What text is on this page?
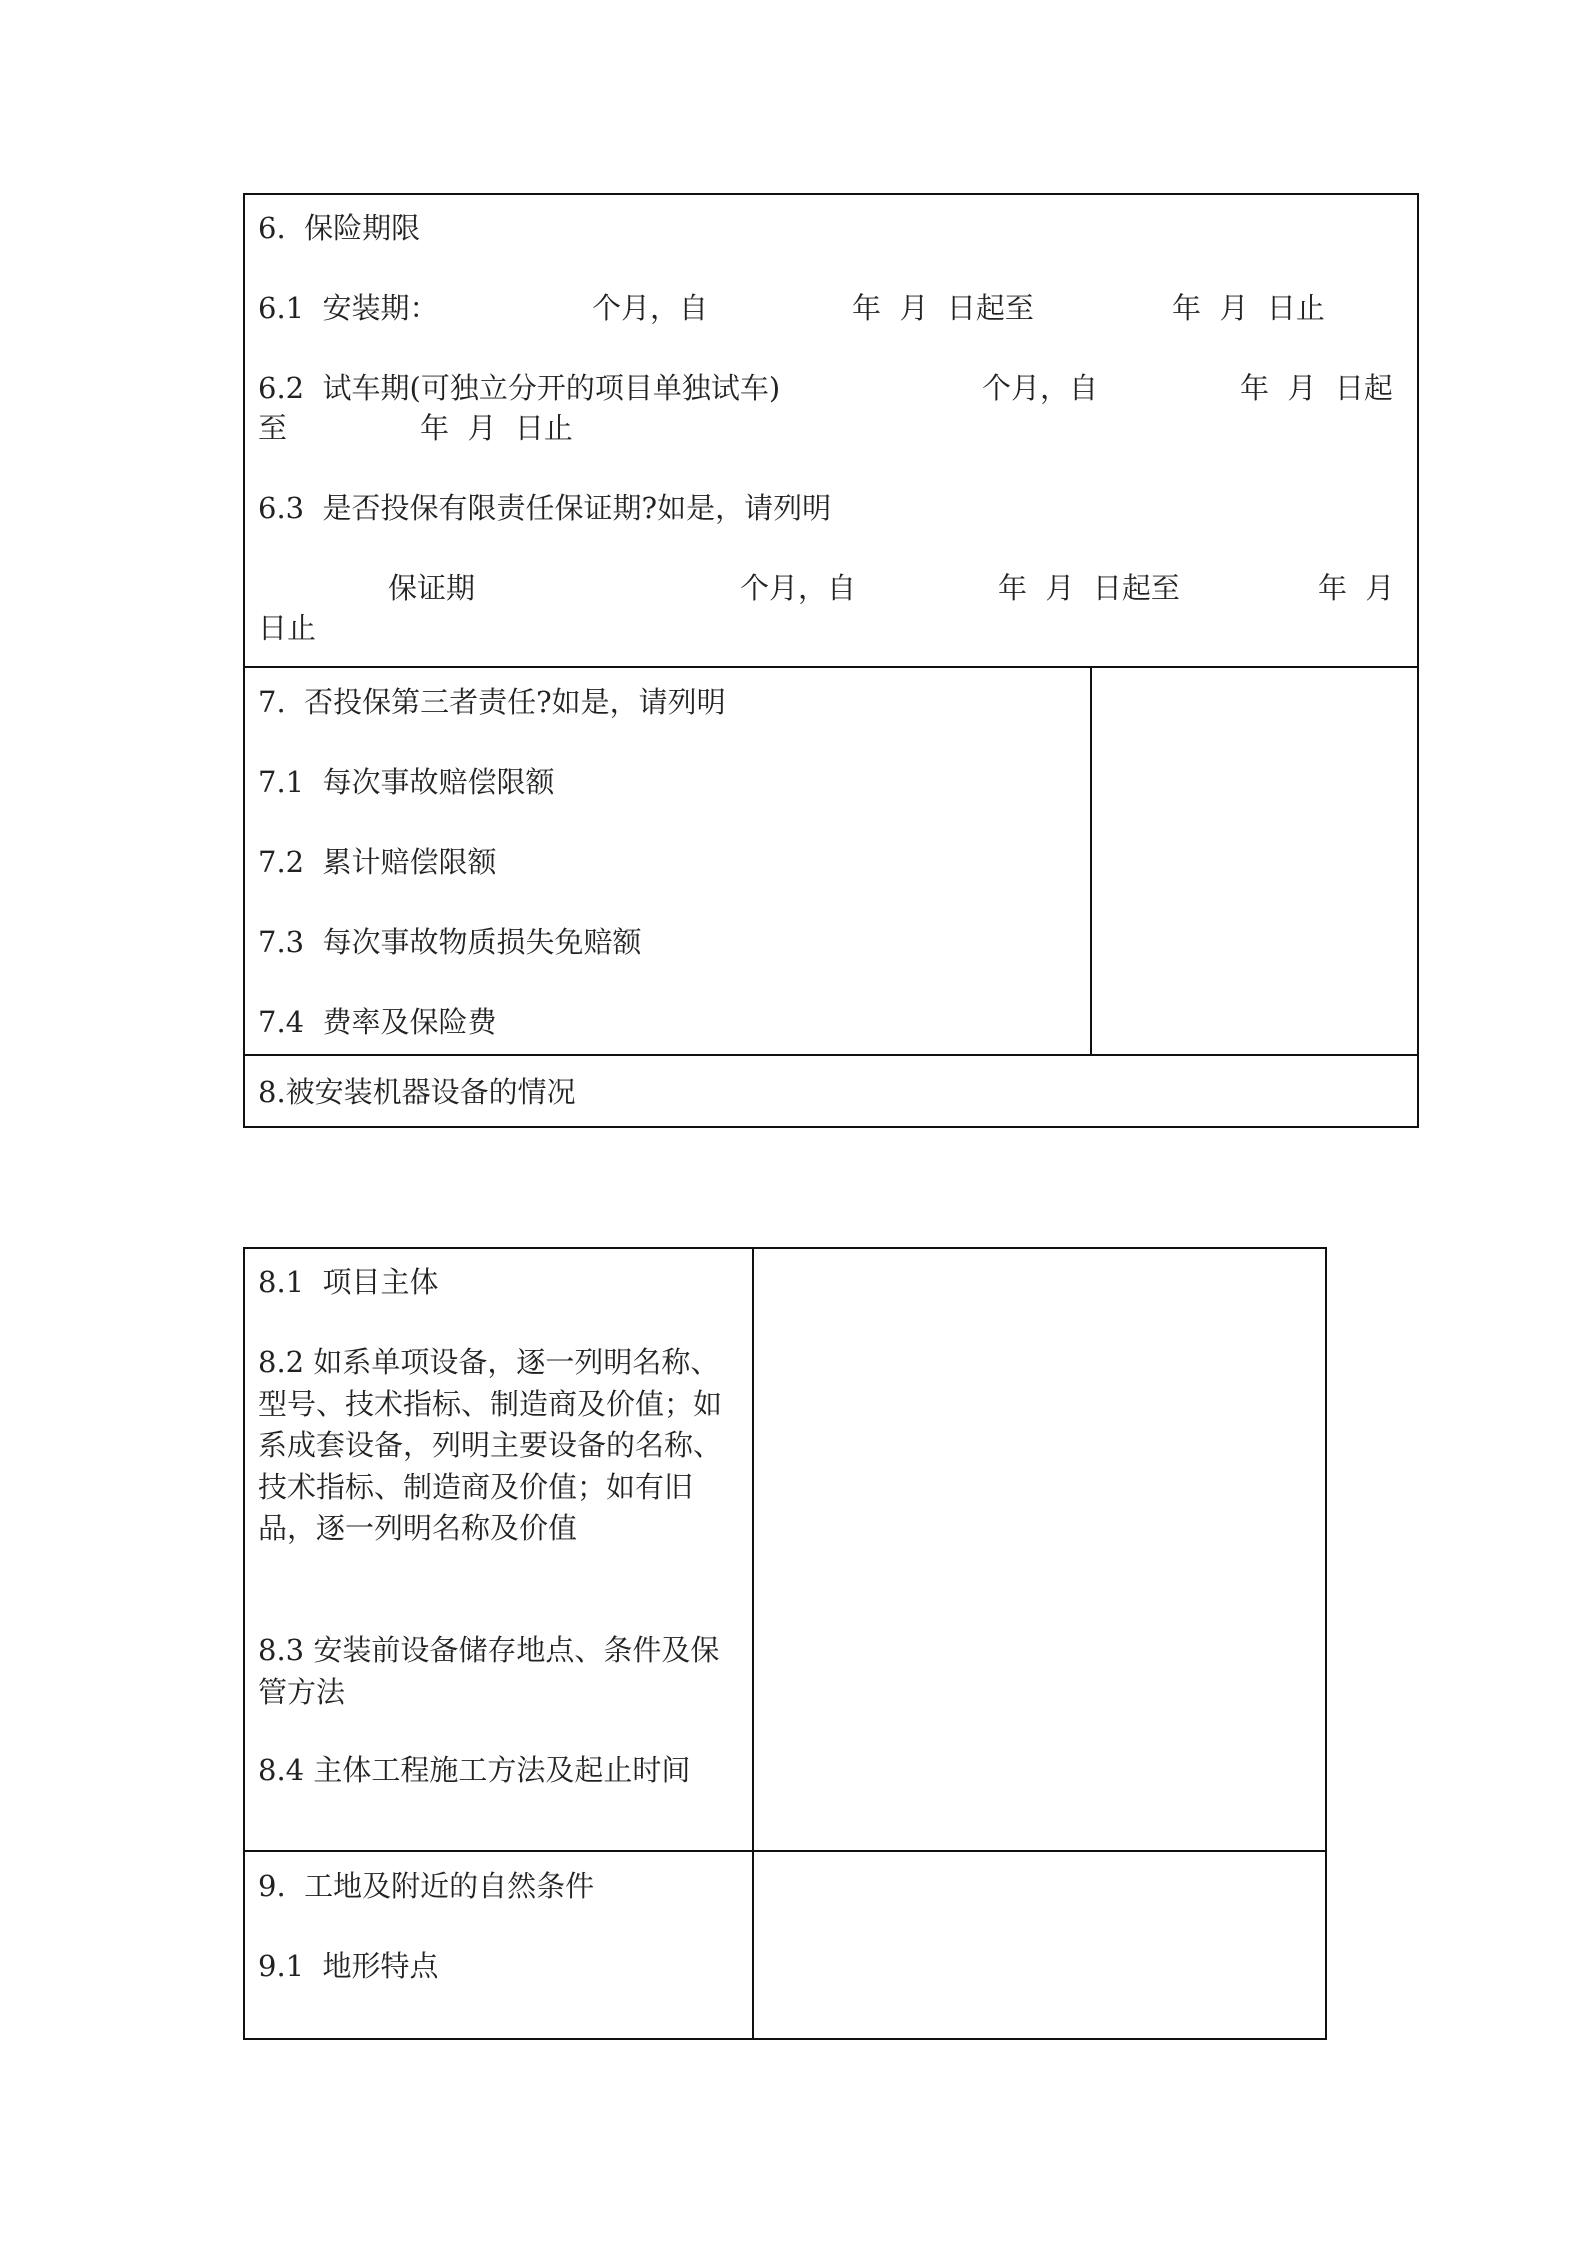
6.  保险期限
6.1  安装期：	个月，自	年  月  日起至	年  月  日止
6.2  试车期(可独立分开的项目单独试车)	个月，自	年  月  日起
至	年  月  日止
6.3  是否投保有限责任保证期?如是，请列明
保证期	个月，自	年  月  日起至	年  月
日止
7.  否投保第三者责任?如是，请列明
7.1  每次事故赔偿限额
7.2  累计赔偿限额
7.3  每次事故物质损失免赔额
7.4  费率及保险费
8.被安装机器设备的情况
8.1  项目主体
8.2 如系单项设备，逐一列明名称、型号、技术指标、制造商及价值；如系成套设备，列明主要设备的名称、技术指标、制造商及价值；如有旧品，逐一列明名称及价值
8.3 安装前设备储存地点、条件及保管方法
8.4 主体工程施工方法及起止时间
9.  工地及附近的自然条件
9.1  地形特点
